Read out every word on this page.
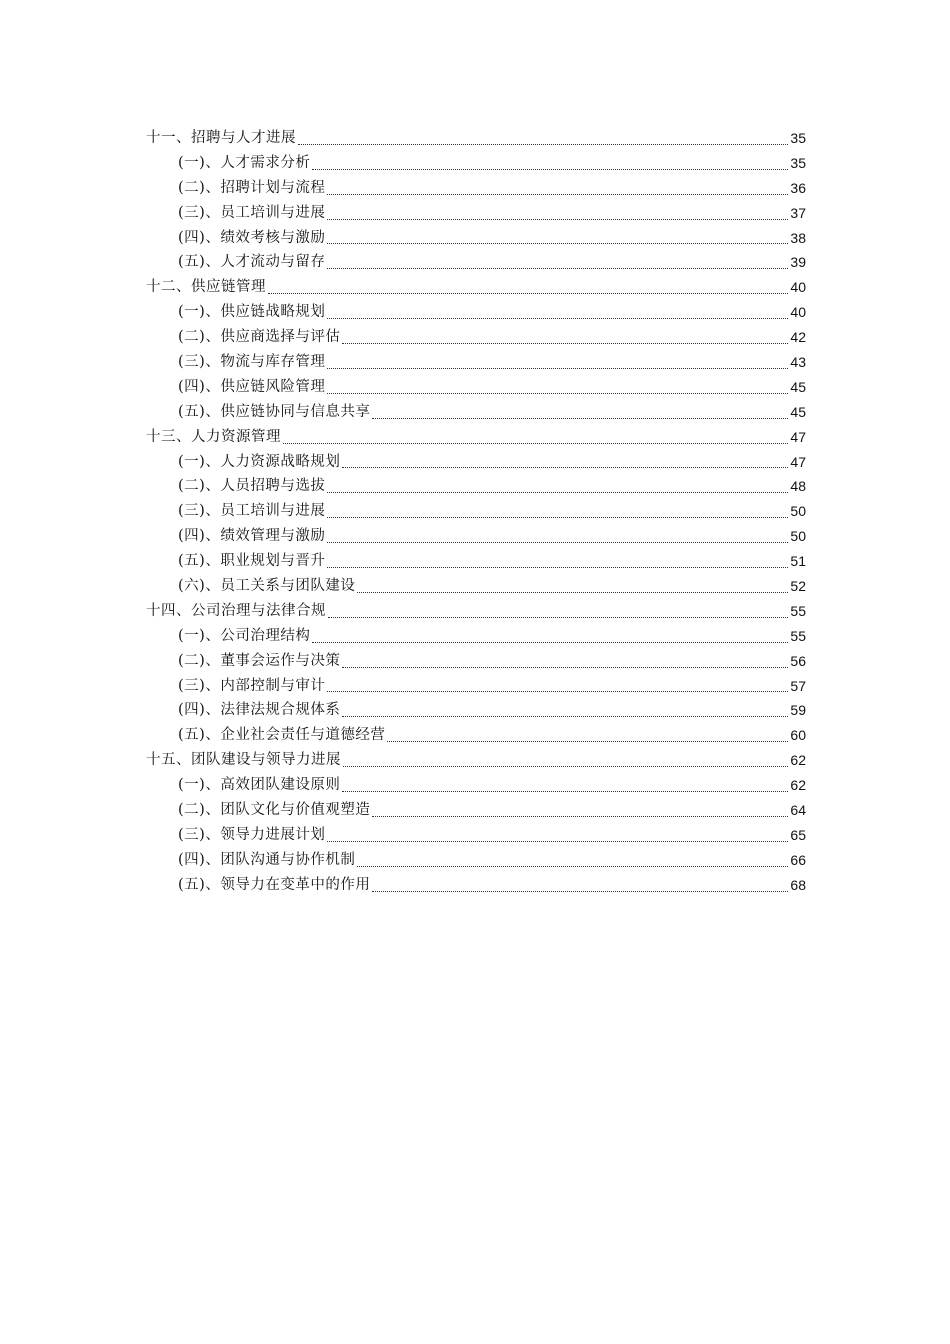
十一、招聘与人才进展	35
(一)、人才需求分析	35
(二)、招聘计划与流程	36
(三)、员工培训与进展	37
(四)、绩效考核与激励	38
(五)、人才流动与留存	39
十二、供应链管理	40
(一)、供应链战略规划	40
(二)、供应商选择与评估	42
(三)、物流与库存管理	43
(四)、供应链风险管理	45
(五)、供应链协同与信息共享	45
十三、人力资源管理	47
(一)、人力资源战略规划	47
(二)、人员招聘与选拔	48
(三)、员工培训与进展	50
(四)、绩效管理与激励	50
(五)、职业规划与晋升	51
(六)、员工关系与团队建设	52
十四、公司治理与法律合规	55
(一)、公司治理结构	55
(二)、董事会运作与决策	56
(三)、内部控制与审计	57
(四)、法律法规合规体系	59
(五)、企业社会责任与道德经营	60
十五、团队建设与领导力进展	62
(一)、高效团队建设原则	62
(二)、团队文化与价值观塑造	64
(三)、领导力进展计划	65
(四)、团队沟通与协作机制	66
(五)、领导力在变革中的作用	68
